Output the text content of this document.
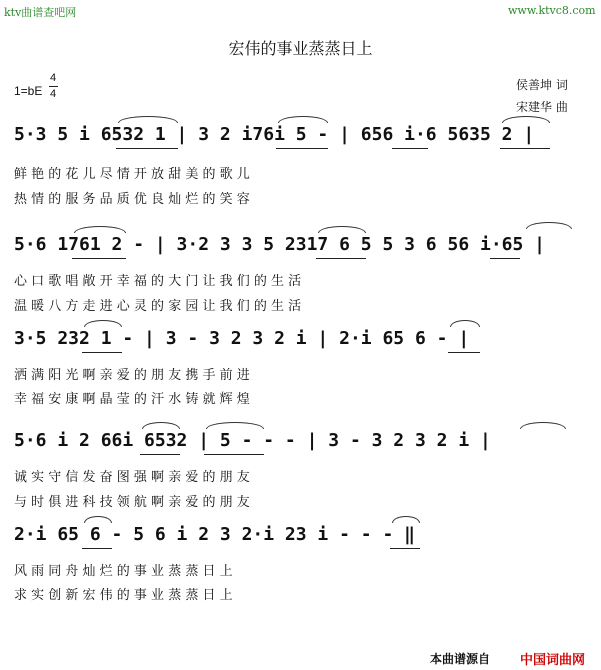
ktv曲谱查吧网	www.ktvc8.com
宏伟的事业蒸蒸日上
1=bE
4
4
侯善坤 词
宋建华 曲
5·3 5 i 6532 1 | 3 2 i76i 5 - | 656 i·6 5635 2 |
鲜 艳 的 花 儿 尽 情 开 放 甜 美 的 歌 儿
热 情 的 服 务 品 质 优 良 灿 烂 的 笑 容
5·6 1761 2 - | 3·2 3 3 5 2317 6 5 5 3 6 56 i·65 |
心 口 歌 唱 敞 开 幸 福 的 大 门 让 我 们 的 生 活
温 暖 八 方 走 进 心 灵 的 家 园 让 我 们 的 生 活
3·5 232 1 - | 3 - 3 2 3 2 i | 2·i 65 6 - |
洒 满 阳 光 啊 亲 爱 的 朋 友 携 手 前 进
幸 福 安 康 啊 晶 莹 的 汗 水 铸 就 辉 煌
5·6 i 2 66i 6532 | 5 - - - | 3 - 3 2 3 2 i |
诚 实 守 信 发 奋 图 强 啊 亲 爱 的 朋 友
与 时 俱 进 科 技 领 航 啊 亲 爱 的 朋 友
2·i 65 6 - 5 6 i 2 3 2·i 23 i - - - ‖
风 雨 同 舟 灿 烂 的 事 业 蒸 蒸 日 上
求 实 创 新 宏 伟 的 事 业 蒸 蒸 日 上
本曲谱源自 中国词曲网
